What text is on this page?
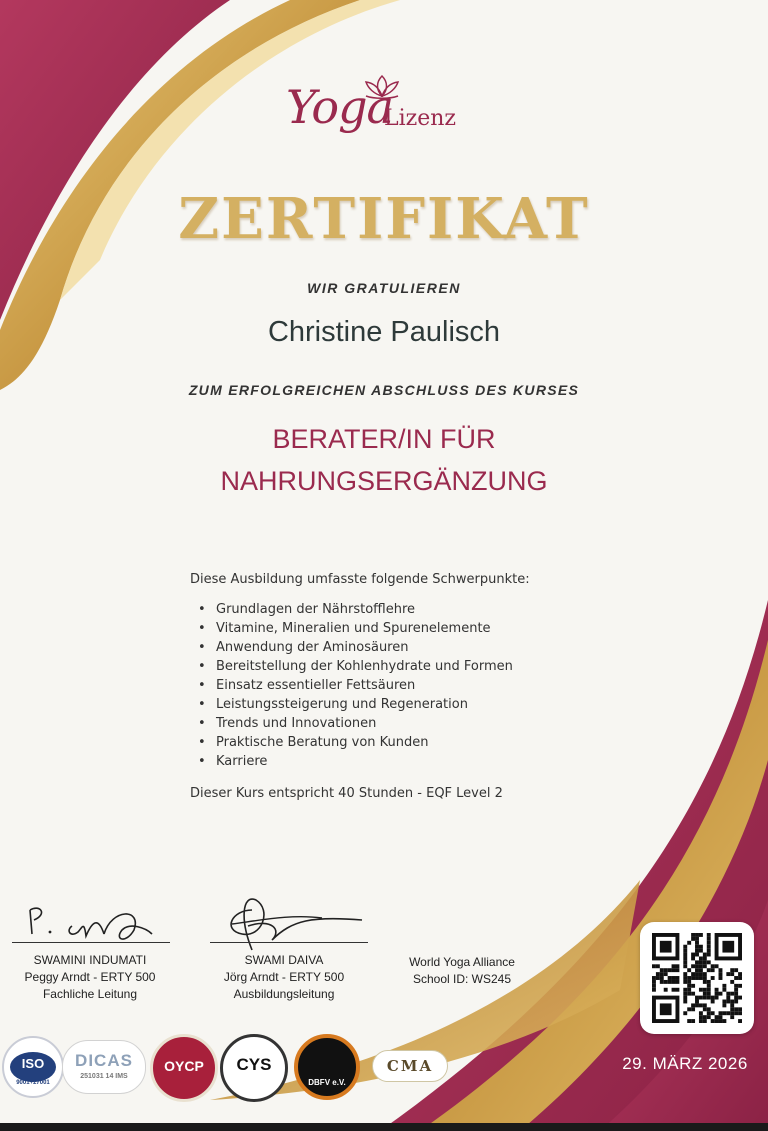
Yoga
Lizenz
ZERTIFIKAT
WIR GRATULIEREN
Christine Paulisch
ZUM ERFOLGREICHEN ABSCHLUSS DES KURSES
BERATER/IN FÜR
NAHRUNGSERGÄNZUNG
Diese Ausbildung umfasste folgende Schwerpunkte:
• Grundlagen der Nährstofflehre
• Vitamine, Mineralien und Spurenelemente
• Anwendung der Aminosäuren
• Bereitstellung der Kohlenhydrate und Formen
• Einsatz essentieller Fettsäuren
• Leistungssteigerung und Regeneration
• Trends und Innovationen
• Praktische Beratung von Kunden
• Karriere
Dieser Kurs entspricht 40 Stunden - EQF Level 2
SWAMINI INDUMATI
Peggy Arndt - ERTY 500
Fachliche Leitung
SWAMI DAIVA
Jörg Arndt - ERTY 500
Ausbildungsleitung
World Yoga Alliance
School ID: WS245
29. MÄRZ 2026
ISO
9001+27001
DICAS
251031 14 IMS
OYCP	CYS
DBFV e.V.
CMA
